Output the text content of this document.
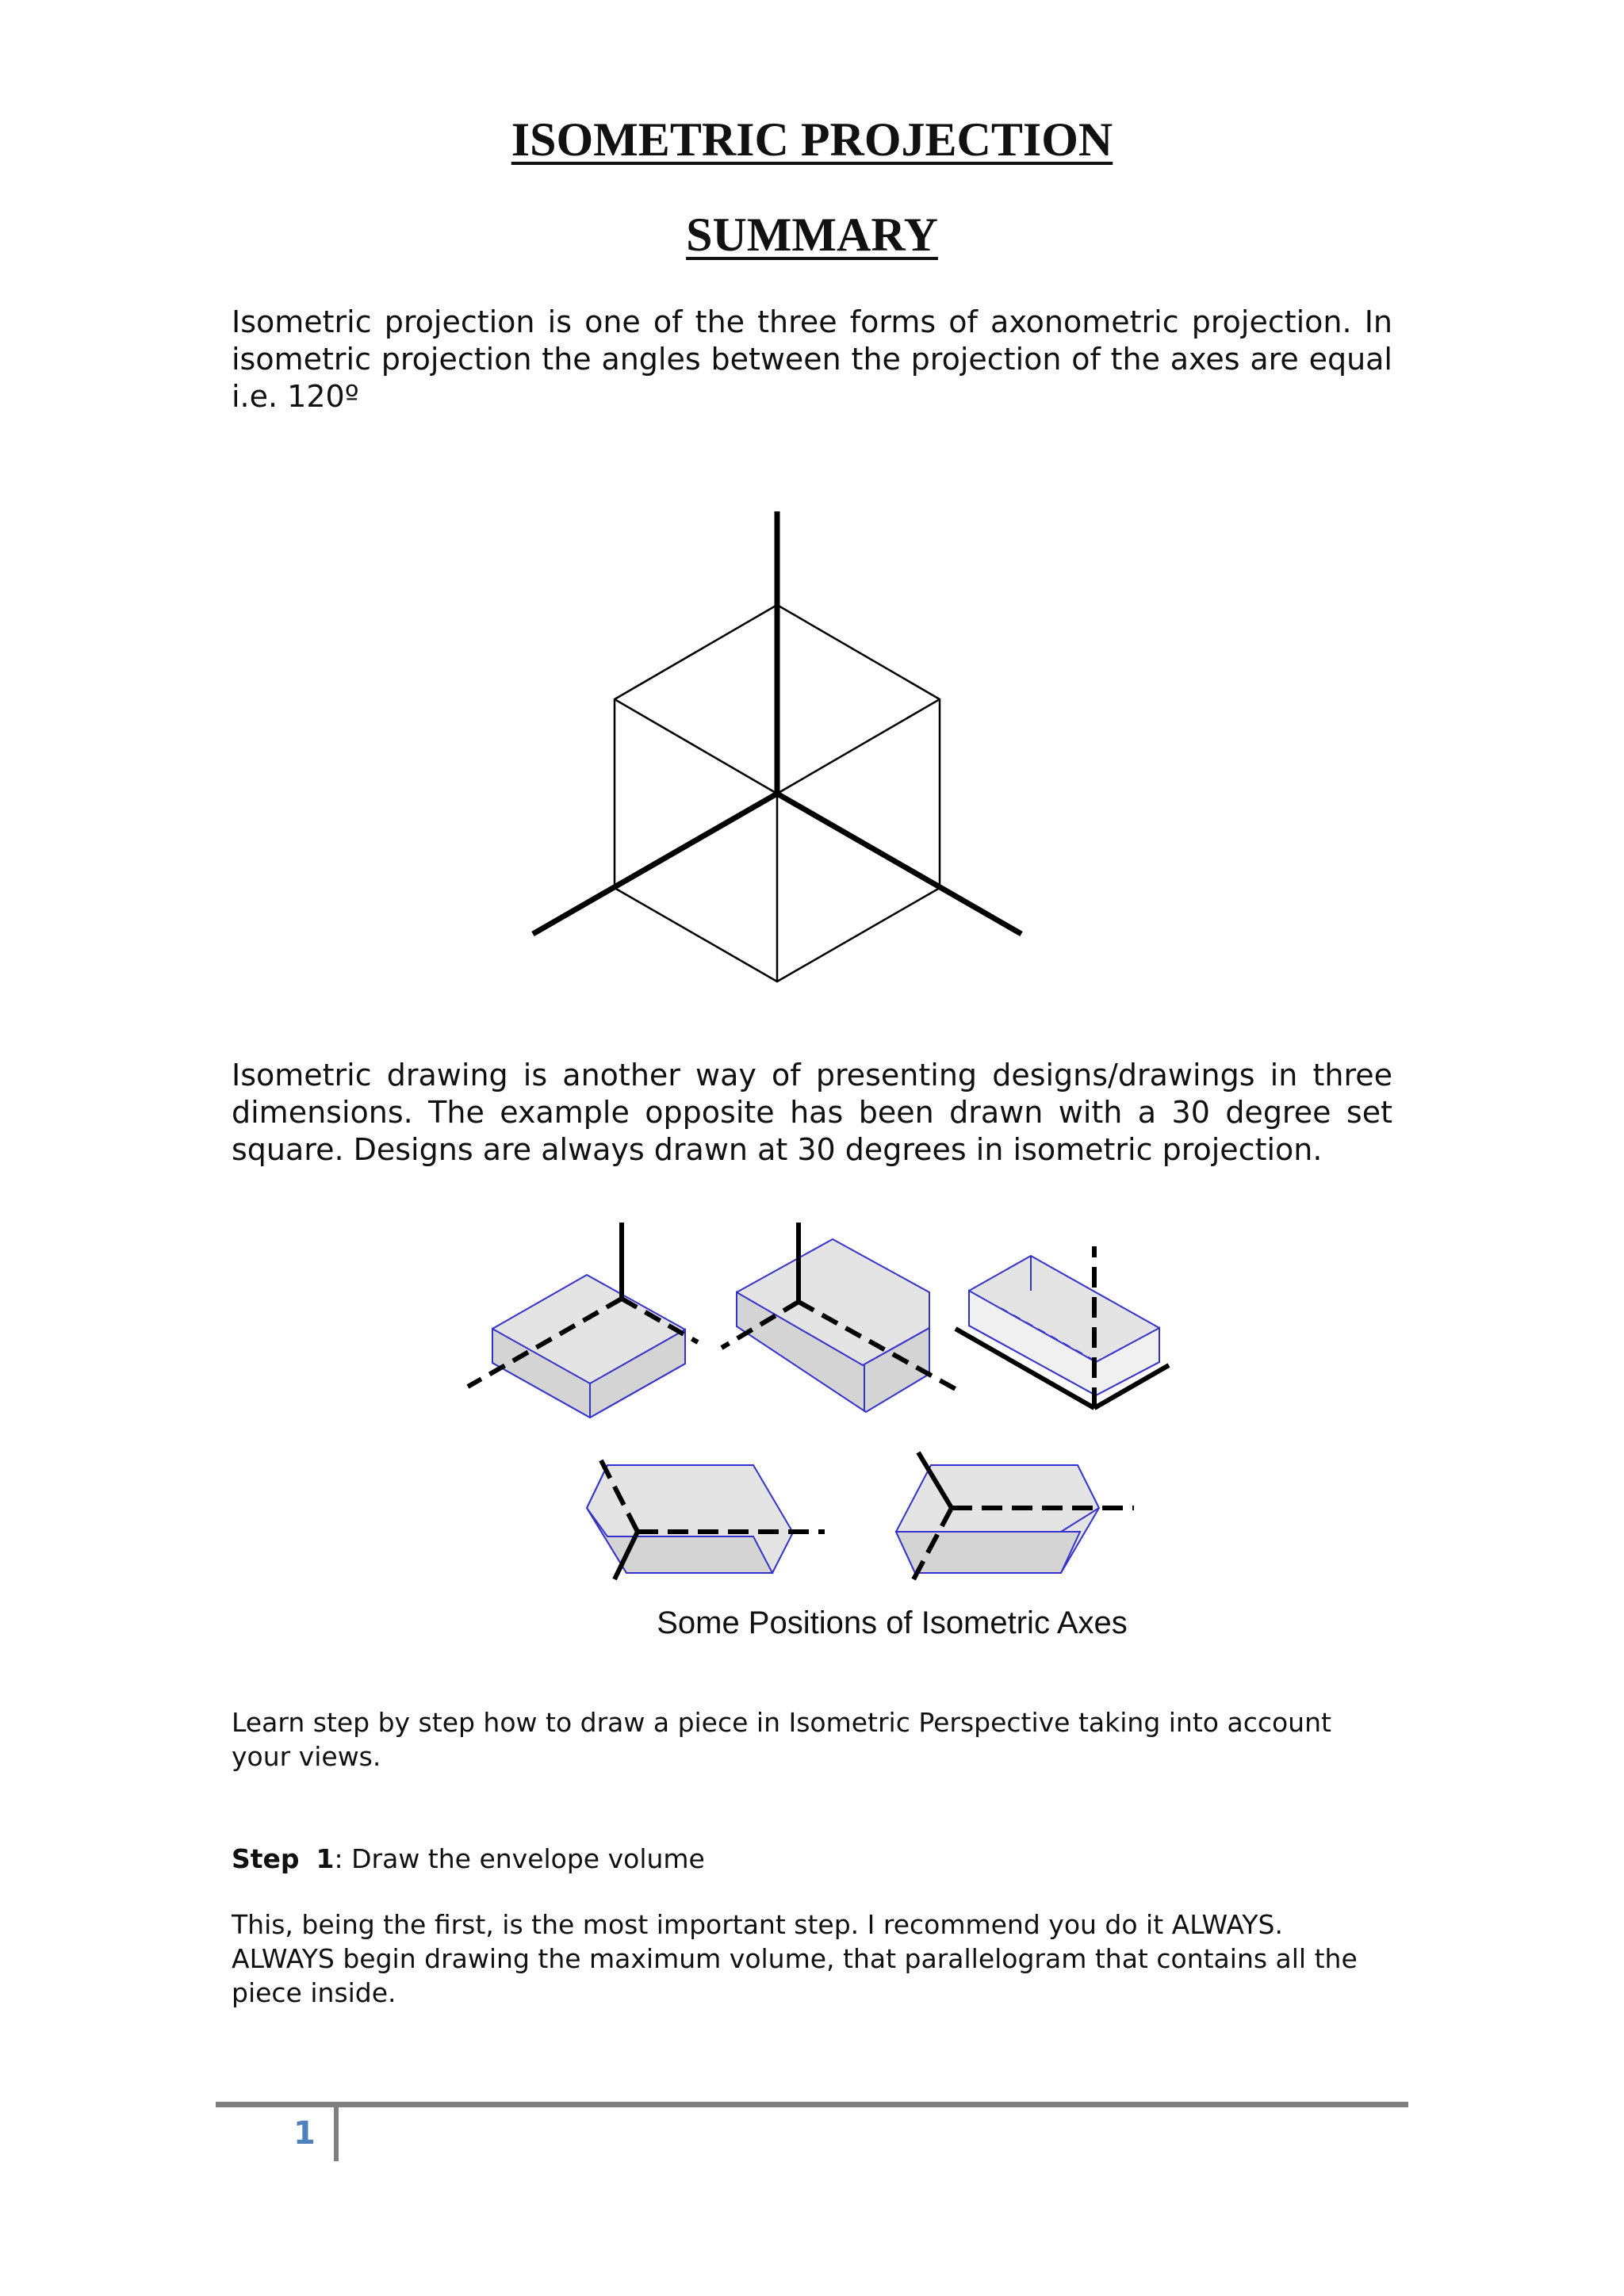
ISOMETRIC PROJECTION
SUMMARY

Isometric projection is one of the three forms of axonometric projection. In isometric projection the angles between the projection of the axes are equal i.e. 120º

Isometric drawing is another way of presenting designs/drawings in three dimensions. The example opposite has been drawn with a 30 degree set square. Designs are always drawn at 30 degrees in isometric projection.

Some Positions of Isometric Axes

Learn step by step how to draw a piece in Isometric Perspective taking into account your views.

Step 1: Draw the envelope volume

This, being the first, is the most important step. I recommend you do it ALWAYS. ALWAYS begin drawing the maximum volume, that parallelogram that contains all the piece inside.

1
